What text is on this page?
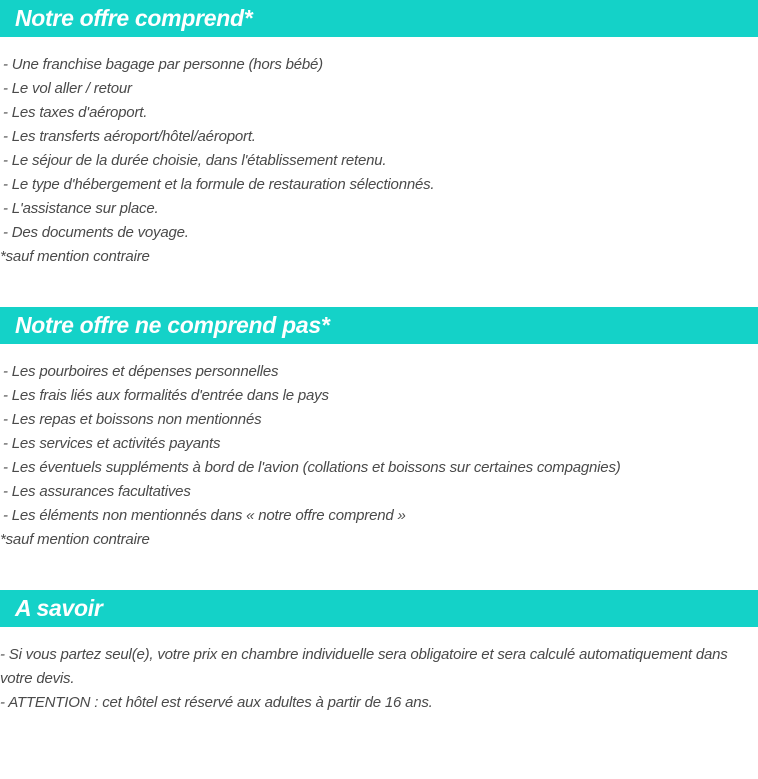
Notre offre comprend*
- Une franchise bagage par personne (hors bébé)
- Le vol aller / retour
- Les taxes d'aéroport.
- Les transferts aéroport/hôtel/aéroport.
- Le séjour de la durée choisie, dans l'établissement retenu.
- Le type d'hébergement et la formule de restauration sélectionnés.
- L'assistance sur place.
- Des documents de voyage.
*sauf mention contraire
Notre offre ne comprend pas*
- Les pourboires et dépenses personnelles
- Les frais liés aux formalités d'entrée dans le pays
- Les repas et boissons non mentionnés
- Les services et activités payants
- Les éventuels suppléments à bord de l'avion (collations et boissons sur certaines compagnies)
- Les assurances facultatives
- Les éléments non mentionnés dans « notre offre comprend »
*sauf mention contraire
A savoir

- Si vous partez seul(e), votre prix en chambre individuelle sera obligatoire et sera calculé automatiquement dans votre devis.

- ATTENTION : cet hôtel est réservé aux adultes à partir de 16 ans.
